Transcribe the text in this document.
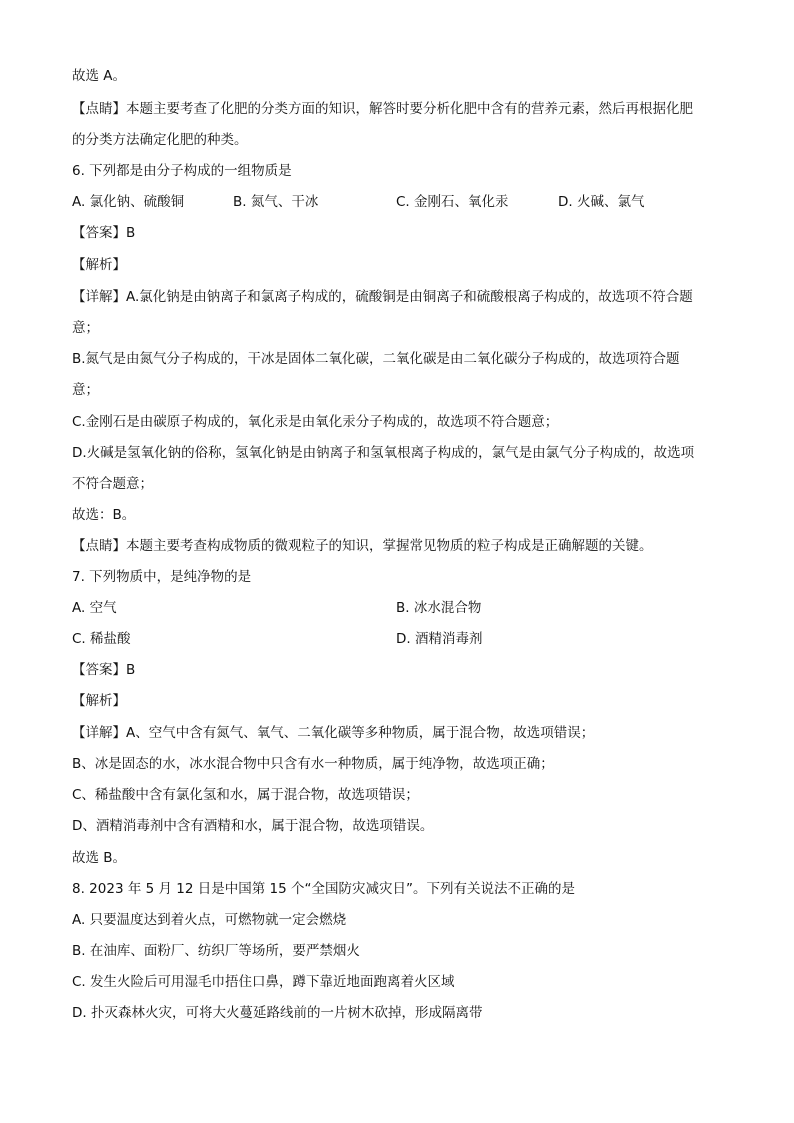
故选 A。
【点睛】本题主要考查了化肥的分类方面的知识，解答时要分析化肥中含有的营养元素，然后再根据化肥
的分类方法确定化肥的种类。
6. 下列都是由分子构成的一组物质是
A. 氯化钠、硫酸铜	B. 氮气、干冰	C. 金刚石、氧化汞	D. 火碱、氯气
【答案】B
【解析】
【详解】A.氯化钠是由钠离子和氯离子构成的，硫酸铜是由铜离子和硫酸根离子构成的，故选项不符合题
意；
B.氮气是由氮气分子构成的，干冰是固体二氧化碳，二氧化碳是由二氧化碳分子构成的，故选项符合题
意；
C.金刚石是由碳原子构成的，氧化汞是由氧化汞分子构成的，故选项不符合题意；
D.火碱是氢氧化钠的俗称，氢氧化钠是由钠离子和氢氧根离子构成的，氯气是由氯气分子构成的，故选项
不符合题意；
故选：B。
【点睛】本题主要考查构成物质的微观粒子的知识，掌握常见物质的粒子构成是正确解题的关键。
7. 下列物质中，是纯净物的是
A. 空气	B. 冰水混合物
C. 稀盐酸	D. 酒精消毒剂
【答案】B
【解析】
【详解】A、空气中含有氮气、氧气、二氧化碳等多种物质，属于混合物，故选项错误；
B、冰是固态的水，冰水混合物中只含有水一种物质，属于纯净物，故选项正确；
C、稀盐酸中含有氯化氢和水，属于混合物，故选项错误；
D、酒精消毒剂中含有酒精和水，属于混合物，故选项错误。
故选 B。
8. 2023 年 5 月 12 日是中国第 15 个“全国防灾减灾日”。下列有关说法不正确的是
A. 只要温度达到着火点，可燃物就一定会燃烧
B. 在油库、面粉厂、纺织厂等场所，要严禁烟火
C. 发生火险后可用湿毛巾捂住口鼻，蹲下靠近地面跑离着火区域
D. 扑灭森林火灾，可将大火蔓延路线前的一片树木砍掉，形成隔离带
